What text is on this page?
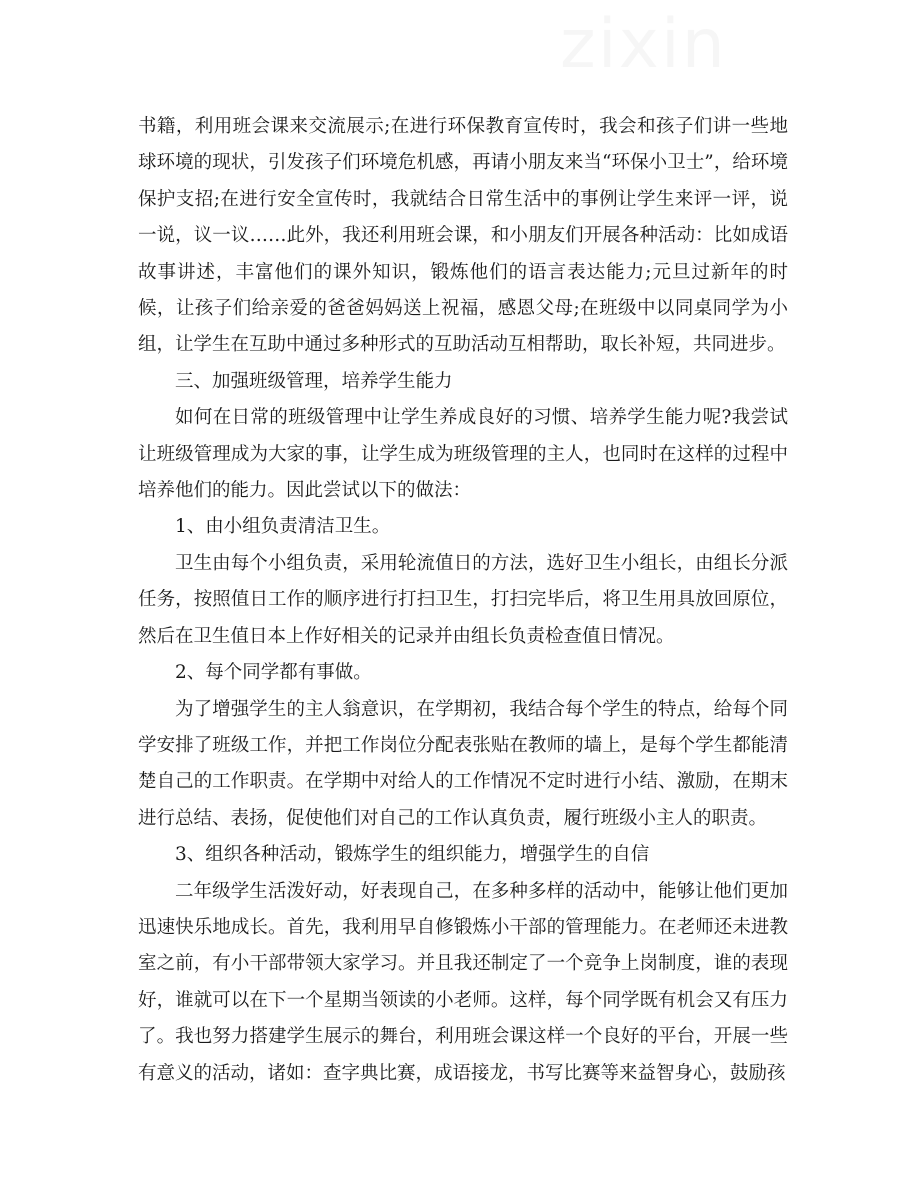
书籍，利用班会课来交流展示;在进行环保教育宣传时，我会和孩子们讲一些地球环境的现状，引发孩子们环境危机感，再请小朋友来当“环保小卫士”，给环境保护支招;在进行安全宣传时，我就结合日常生活中的事例让学生来评一评，说一说，议一议……此外，我还利用班会课，和小朋友们开展各种活动：比如成语故事讲述，丰富他们的课外知识，锻炼他们的语言表达能力;元旦过新年的时候，让孩子们给亲爱的爸爸妈妈送上祝福，感恩父母;在班级中以同桌同学为小组，让学生在互助中通过多种形式的互助活动互相帮助，取长补短，共同进步。

三、加强班级管理，培养学生能力

如何在日常的班级管理中让学生养成良好的习惯、培养学生能力呢?我尝试让班级管理成为大家的事，让学生成为班级管理的主人，也同时在这样的过程中培养他们的能力。因此尝试以下的做法：

1、由小组负责清洁卫生。

卫生由每个小组负责，采用轮流值日的方法，选好卫生小组长，由组长分派任务，按照值日工作的顺序进行打扫卫生，打扫完毕后，将卫生用具放回原位，然后在卫生值日本上作好相关的记录并由组长负责检查值日情况。

2、每个同学都有事做。

为了增强学生的主人翁意识，在学期初，我结合每个学生的特点，给每个同学安排了班级工作，并把工作岗位分配表张贴在教师的墙上，是每个学生都能清楚自己的工作职责。在学期中对给人的工作情况不定时进行小结、激励，在期末进行总结、表扬，促使他们对自己的工作认真负责，履行班级小主人的职责。

3、组织各种活动，锻炼学生的组织能力，增强学生的自信

二年级学生活泼好动，好表现自己，在多种多样的活动中，能够让他们更加迅速快乐地成长。首先，我利用早自修锻炼小干部的管理能力。在老师还未进教室之前，有小干部带领大家学习。并且我还制定了一个竞争上岗制度，谁的表现好，谁就可以在下一个星期当领读的小老师。这样，每个同学既有机会又有压力了。我也努力搭建学生展示的舞台，利用班会课这样一个良好的平台，开展一些有意义的活动，诸如：查字典比赛，成语接龙，书写比赛等来益智身心，鼓励孩
